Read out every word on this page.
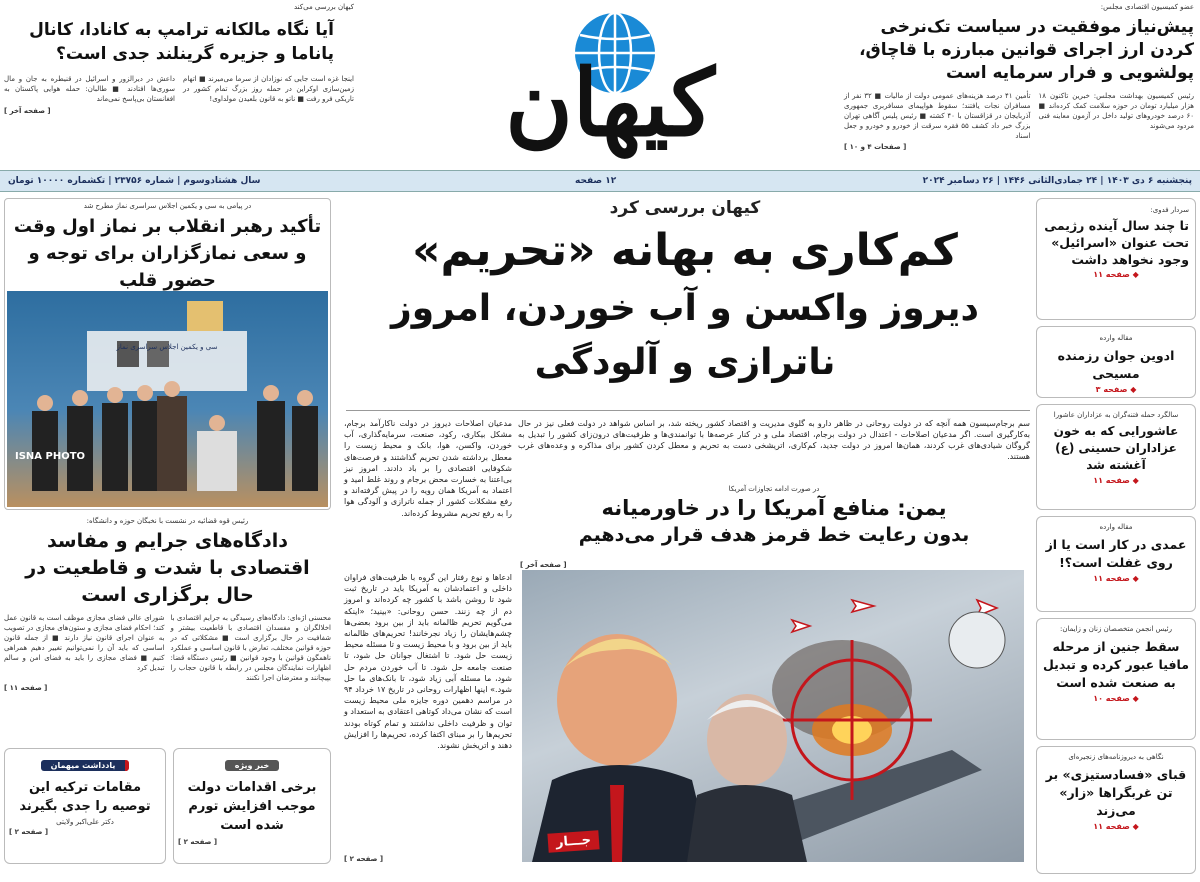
عضو کمیسیون اقتصادی مجلس:
پیش‌نیاز موفقیت در سیاست تک‌نرخی کردن ارز اجرای قوانین مبارزه با قاچاق، پولشویی و فرار سرمایه است
رئیس کمیسیون بهداشت مجلس: خبرین تاکنون ۱۸ هزار میلیارد تومان در حوزه سلامت کمک کرده‌اند ■ ۶۰ درصد خودروهای تولید داخل در آزمون معاینه فنی مردود می‌شوند
تأمین ۴۱ درصد هزینه‌های عمومی دولت از مالیات ■ ۳۲ نفر از مسافران نجات یافتند؛ سقوط هواپیمای مسافربری جمهوری آذربایجان در قزاقستان با ۴۰ کشته ■ رئیس پلیس آگاهی تهران بزرگ خبر داد کشف ۵۵ فقره سرقت از خودرو و خودرو و جعل اسناد
[ صفحات ۴ و ۱۰ ]
کیهان
کیهان بررسی می‌کند
آیا نگاه مالکانه ترامپ به کانادا، کانال پاناما و جزیره گرینلند جدی است؟
اینجا غزه است جایی که نوزادان از سرما می‌میرند ■ اتهام زمین‌سازی اوکراین در حمله روز بزرگ تمام کشور در تاریکی فرو رفت ■ ناتو به قانون بلعیدن مولداوی!
داعش در دیرالزور و اسرائیل در قنیطره به جان و مال سوری‌ها افتادند ■ طالبان: حمله هوایی پاکستان به افغانستان بی‌پاسخ نمی‌ماند
[ صفحه آخر ]
پنجشنبه ۶ دی ۱۴۰۳ | ۲۴ جمادی‌الثانی ۱۴۴۶ | ۲۶ دسامبر ۲۰۲۴
۱۲ صفحه
سال هشتادوسوم | شماره ۲۳۷۵۶ | تکشماره ۱۰۰۰۰ تومان
سردار فدوی:
تا چند سال آینده رژیمی تحت عنوان «اسرائیل» وجود نخواهد داشت
◆ صفحه ۱۱
مقاله وارده
ادوین جوان رزمنده مسیحی
◆ صفحه ۳
سالگرد حمله فتنه‌گران به عزاداران عاشورا
عاشورایی که به خون عزاداران حسینی (ع) آغشته شد
◆ صفحه ۱۱
مقاله وارده
عمدی در کار است یا از روی غفلت است؟!
◆ صفحه ۱۱
رئیس انجمن متخصصان زنان و زایمان:
سقط جنین از مرحله مافیا عبور کرده و تبدیل به صنعت شده است
◆ صفحه ۱۰
نگاهی به دیروزنامه‌های زنجیره‌ای
قبای «فسادستیزی» بر تن غربگراها «زار» می‌زند
◆ صفحه ۱۱
کیهان بررسی کرد
کم‌کاری به بهانه «تحریم»
دیروز واکسن و آب خوردن، امروز ناترازی و آلودگی
سم برجام‌سیسون همه آنچه که در دولت روحانی در ظاهر دارو به گلوی مدیریت و اقتصاد کشور ریخته شد، بر اساس شواهد در دولت فعلی نیز در حال به‌کارگیری است. اگر مدعیان اصلاحات - اعتدال در دولت برجام، اقتصاد ملی و در کنار عرصه‌ها با توانمندی‌ها و ظرفیت‌های درون‌زای کشور را تبدیل به گروگان شیادی‌های غرب کردند، همان‌ها امروز در دولت جدید، کم‌کاری، اتریشخی دست به تحریم و معطل کردن کشور برای مذاکره و وعده‌های غرب هستند.
مدعیان اصلاحات دیروز در دولت ناکارآمد برجام، مشکل بیکاری، رکود، صنعت، سرمایه‌گذاری، آب خوردن، واکسن، هوا، بانک و محیط زیست را معطل برداشته شدن تحریم گذاشتند و فرصت‌های شکوفایی اقتصادی را بر باد دادند. امروز نیز بی‌اعتنا به خسارت محض برجام و روند غلط امید و اعتماد به آمریکا همان رویه را در پیش گرفته‌اند و رفع مشکلات کشور از جمله ناترازی و آلودگی هوا را به رفع تحریم مشروط کرده‌اند.
ادعاها و نوع رفتار این گروه با ظرفیت‌های فراوان داخلی و اعتمادشان به آمریکا باید در تاریخ ثبت شود تا روشن باشد با کشور چه کرده‌اند و امروز دم از چه زنند. حسن روحانی: «بینید؛ «اینکه می‌گویم تحریم ظالمانه باید از بین برود بعضی‌ها چشم‌هایشان را زیاد نجرخانند! تحریم‌های ظالمانه باید از بین برود و با محیط زیست و تا مسئله محیط زیست حل شود. تا اشتغال جوانان حل شود، تا صنعت جامعه حل شود. تا آب خوردن مردم حل شود، ما مسئله آبی زیاد شود، تا بانک‌های ما حل شود.» اینها اظهارات روحانی در تاریخ ۱۷ خرداد ۹۴ در مراسم دهمین دوره جایزه ملی محیط زیست است که نشان می‌داد کوتاهی اعتقادی به استعداد و توان و ظرفیت داخلی نداشتند و تمام کوتاه بودند تحریم‌ها را بر مبنای اکتفا کرده، تحریم‌ها را افزایش دهند و اتریخش نشوند.
[ صفحه ۲ ]
در صورت ادامه تجاوزات آمریکا
یمن: منافع آمریکا را در خاورمیانه
بدون رعایت خط قرمز هدف قرار می‌دهیم
[ صفحه آخر ]
جـــار
در پیامی به سی و یکمین اجلاس سراسری نماز مطرح شد
تأکید رهبر انقلاب بر نماز اول وقت و سعی نمازگزاران برای توجه و حضور قلب
سی و یکمین اجلاس سراسری نماز
ISNA PHOTO
رئیس قوه قضائیه در نشست با نخبگان حوزه و دانشگاه:
دادگاه‌های جرایم و مفاسد اقتصادی با شدت و قاطعیت در حال برگزاری است
محسنی اژه‌ای: دادگاه‌های رسیدگی به جرایم اقتصادی با اخلالگران و مفسدان اقتصادی با قاطعیت بیشتر و شفافیت در حال برگزاری است ■ مشکلاتی که در حوزه قوانین مختلف، تعارض با قانون اساسی و عملکرد ناهمگون قوانین با وجود قوانین ■ رئیس دستگاه قضا: اظهارات نمایندگان مجلس در رابطه با قانون حجاب را بپیچانند و معترضان اجرا نکنند
شورای عالی فضای مجازی موظف است به قانون عمل کند؛ احکام فضای مجازی و ستون‌های مجازی در تصویب به عنوان اجرای قانون نیاز دارند ■ از جمله قانون اساسی که باید آن را نمی‌توانیم تغییر دهیم همراهی کنیم ■ فضای مجازی را باید به فضای امن و سالم تبدیل کرد
[ صفحه ۱۱ ]
خبر ویژه
برخی اقدامات دولت موجب افزایش تورم شده است
[ صفحه ۲ ]
یادداشت میهمان
مقامات ترکیه این توصیه را جدی بگیرند
دکتر علی‌اکبر ولایتی
[ صفحه ۲ ]
